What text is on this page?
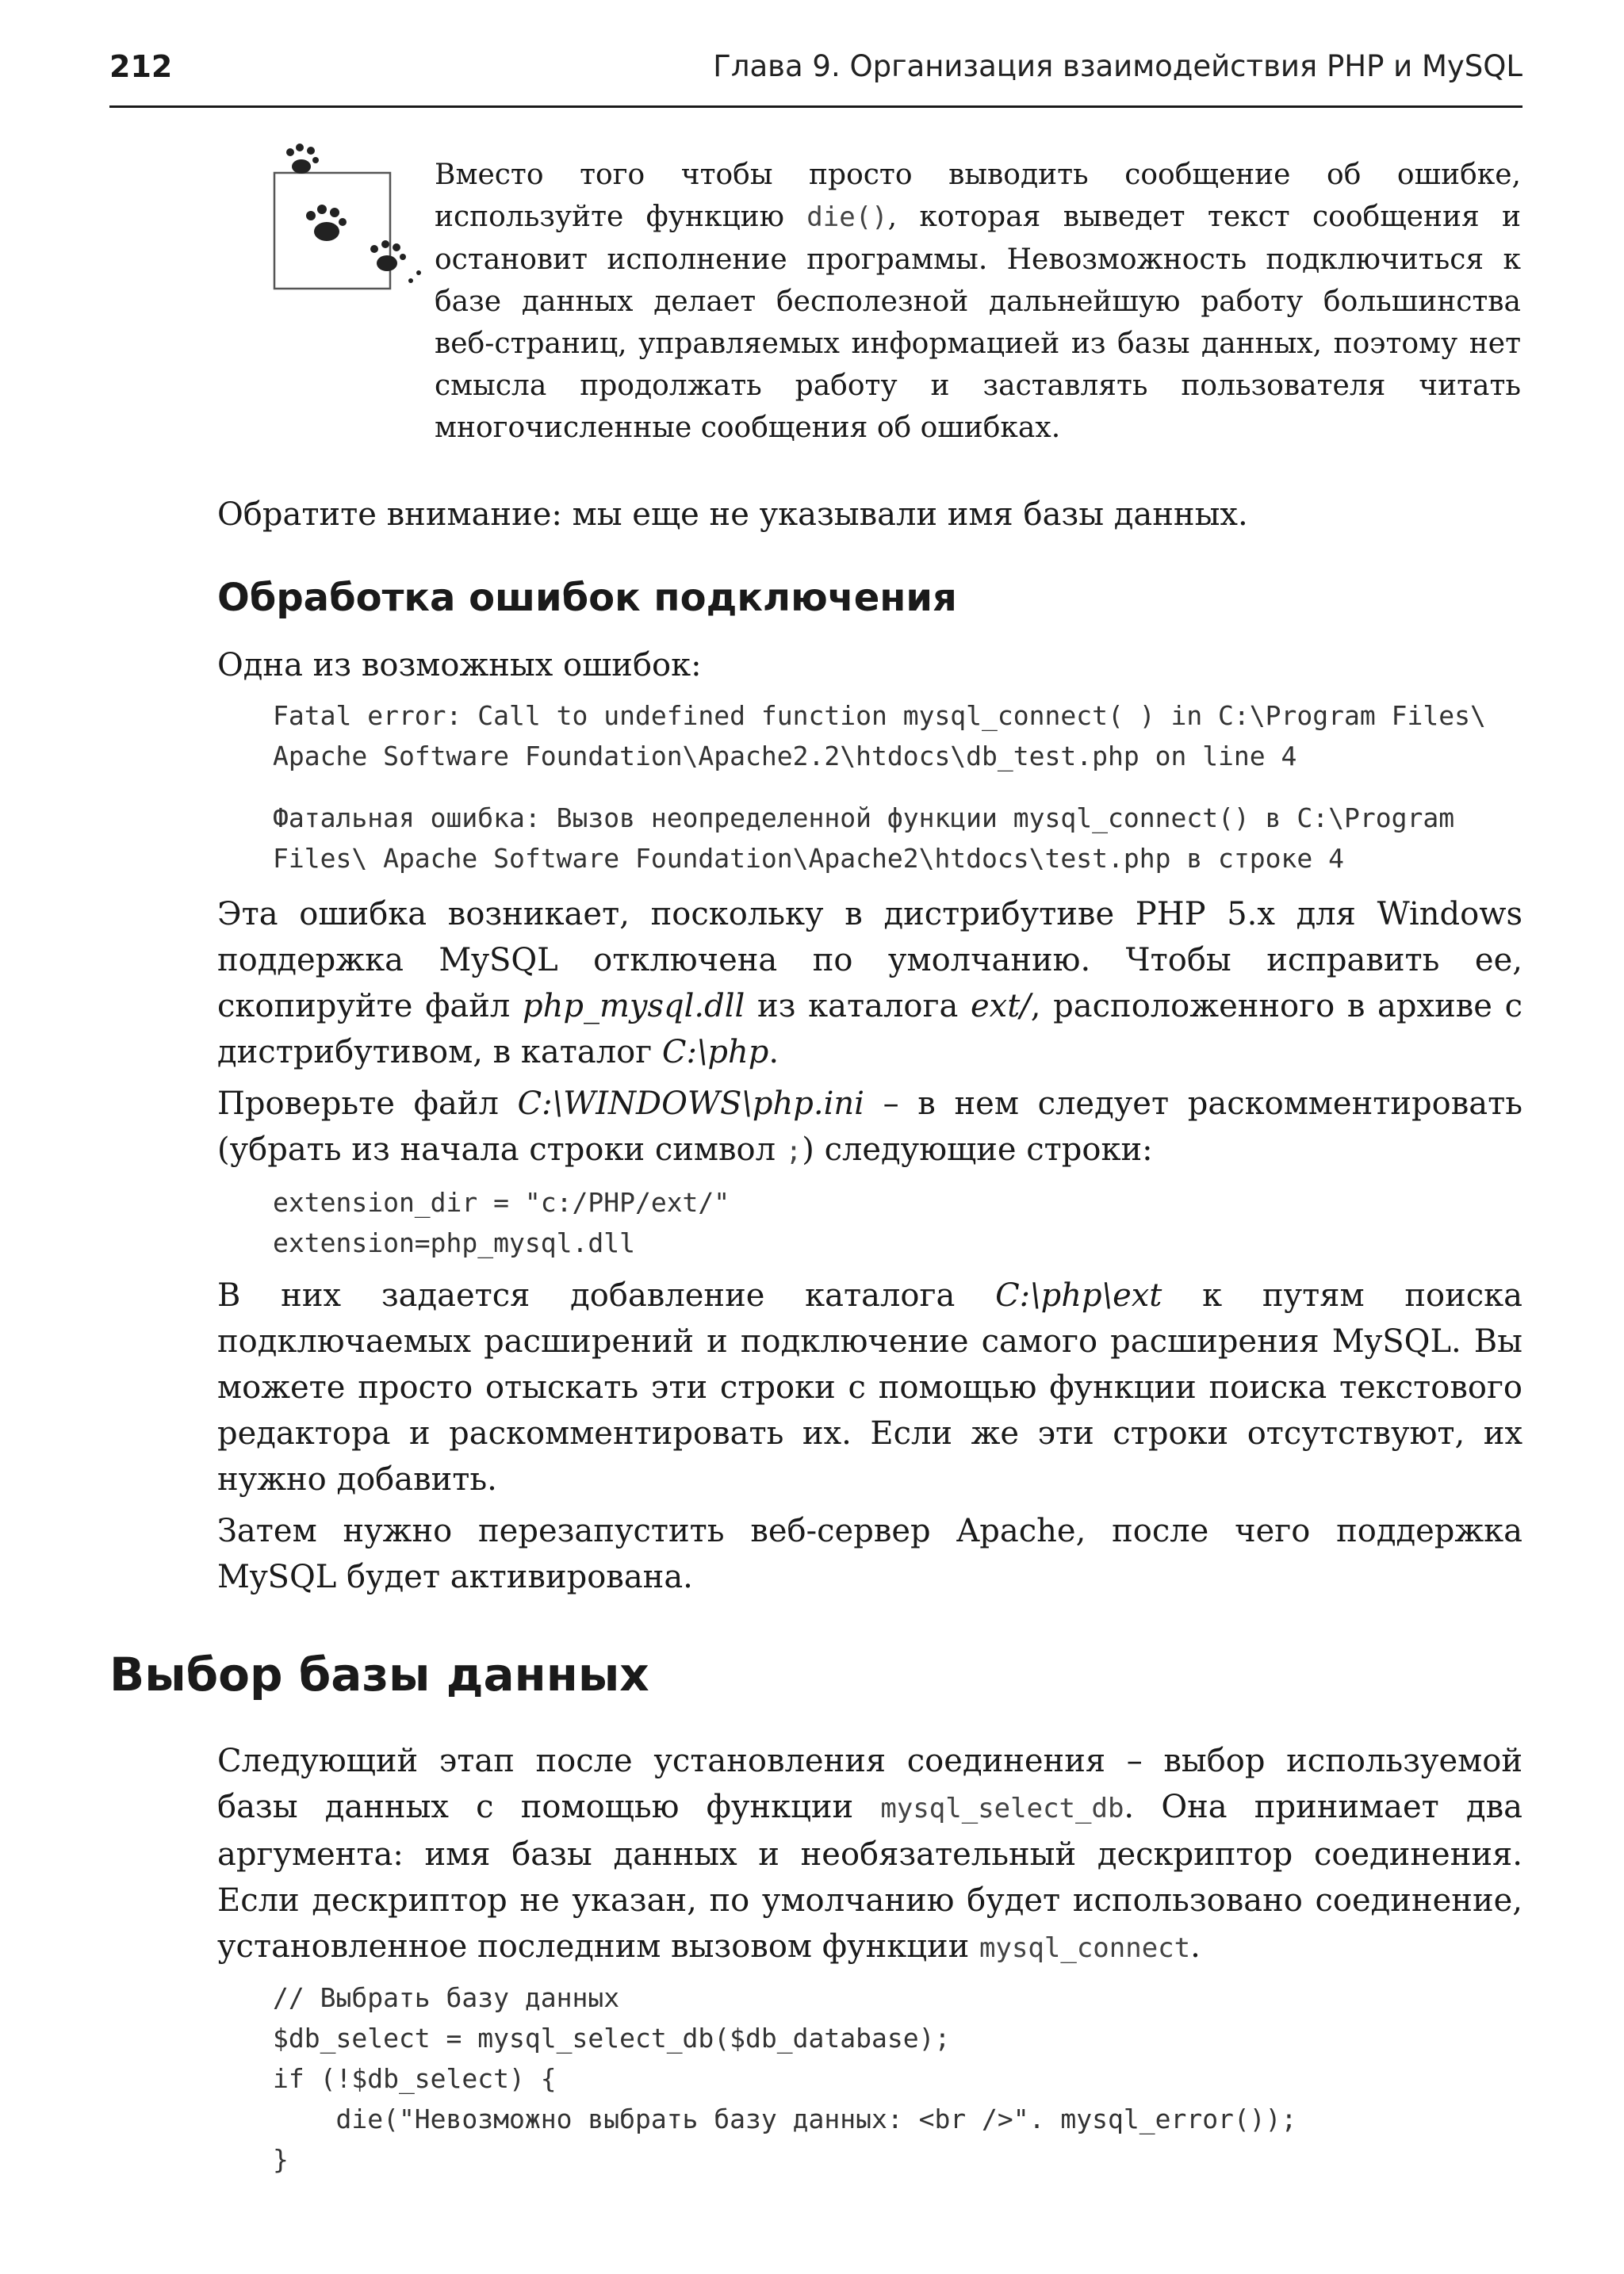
212	Глава 9. Организация взаимодействия PHP и MySQL
Вместо того чтобы просто выводить сообщение об ошибке, используйте функцию die(), которая выведет текст сообщения и остановит исполнение программы. Невозможность подключиться к базе данных делает бесполезной дальнейшую работу большинства веб-страниц, управляемых информацией из базы данных, поэтому нет смысла продолжать работу и заставлять пользователя читать многочисленные сообщения об ошибках.
Обратите внимание: мы еще не указывали имя базы данных.
Обработка ошибок подключения
Одна из возможных ошибок:
Fatal error: Call to undefined function mysql_connect( ) in C:\Program Files\
Apache Software Foundation\Apache2.2\htdocs\db_test.php on line 4
Фатальная ошибка: Вызов неопределенной функции mysql_connect() в C:\Program
Files\ Apache Software Foundation\Apache2\htdocs\test.php в строке 4
Эта ошибка возникает, поскольку в дистрибутиве PHP 5.x для Windows поддержка MySQL отключена по умолчанию. Чтобы исправить ее, скопируйте файл php_mysql.dll из каталога ext/, расположенного в архиве с дистрибутивом, в каталог C:\php.
Проверьте файл C:\WINDOWS\php.ini – в нем следует раскомментировать (убрать из начала строки символ ;) следующие строки:
extension_dir = "c:/PHP/ext/"
extension=php_mysql.dll
В них задается добавление каталога C:\php\ext к путям поиска подключаемых расширений и подключение самого расширения MySQL. Вы можете просто отыскать эти строки с помощью функции поиска текстового редактора и раскомментировать их. Если же эти строки отсутствуют, их нужно добавить.
Затем нужно перезапустить веб-сервер Apache, после чего поддержка MySQL будет активирована.
Выбор базы данных
Следующий этап после установления соединения – выбор используемой базы данных с помощью функции mysql_select_db. Она принимает два аргумента: имя базы данных и необязательный дескриптор соединения. Если дескриптор не указан, по умолчанию будет использовано соединение, установленное последним вызовом функции mysql_connect.
// Выбрать базу данных
$db_select = mysql_select_db($db_database);
if (!$db_select) {
die("Невозможно выбрать базу данных: <br />". mysql_error());
}
